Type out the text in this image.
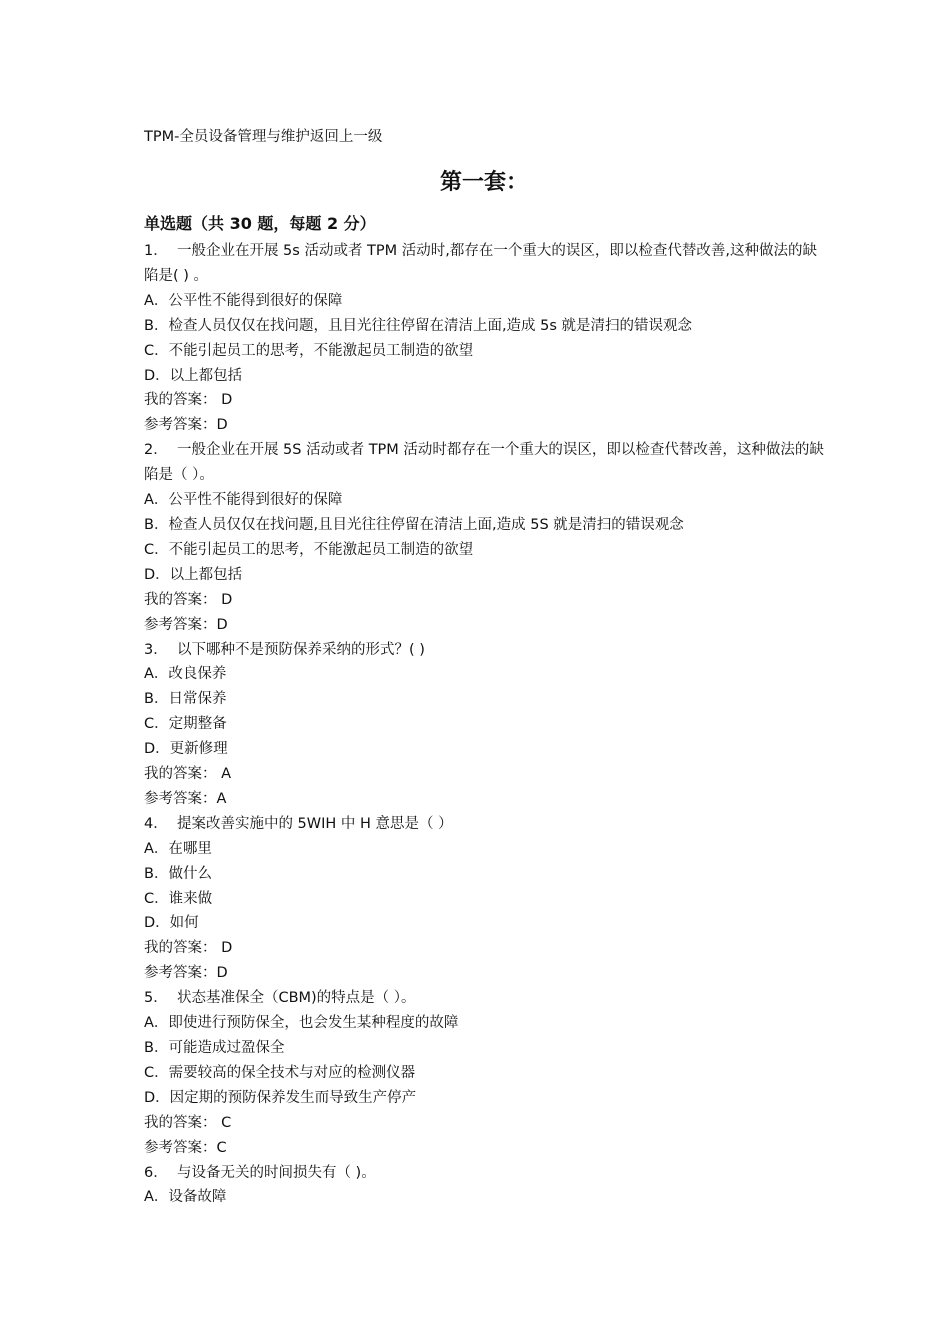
TPM-全员设备管理与维护返回上一级
第一套：
单选题（共 30 题，每题 2 分）
1．  一般企业在开展 5s 活动或者 TPM 活动时,都存在一个重大的误区，即以检查代替改善,这种做法的缺陷是( ) 。
A．公平性不能得到很好的保障
B．检查人员仅仅在找问题，且目光往往停留在清洁上面,造成 5s 就是清扫的错误观念
C．不能引起员工的思考，不能激起员工制造的欲望
D．以上都包括
我的答案： D
参考答案：D
2．  一般企业在开展 5S 活动或者 TPM 活动时都存在一个重大的误区，即以检查代替改善，这种做法的缺陷是（ ）。
A．公平性不能得到很好的保障
B．检查人员仅仅在找问题,且目光往往停留在清洁上面,造成 5S 就是清扫的错误观念
C．不能引起员工的思考，不能激起员工制造的欲望
D．以上都包括
我的答案： D
参考答案：D
3．  以下哪种不是预防保养采纳的形式？( )
A．改良保养
B．日常保养
C．定期整备
D．更新修理
我的答案： A
参考答案：A
4．  提案改善实施中的 5WIH 中 H 意思是（ ）
A．在哪里
B．做什么
C．谁来做
D．如何
我的答案： D
参考答案：D
5．  状态基准保全（CBM)的特点是（ ）。
A．即使进行预防保全，也会发生某种程度的故障
B．可能造成过盈保全
C．需要较高的保全技术与对应的检测仪器
D．因定期的预防保养发生而导致生产停产
我的答案： C
参考答案：C
6．  与设备无关的时间损失有（ )。
A．设备故障
